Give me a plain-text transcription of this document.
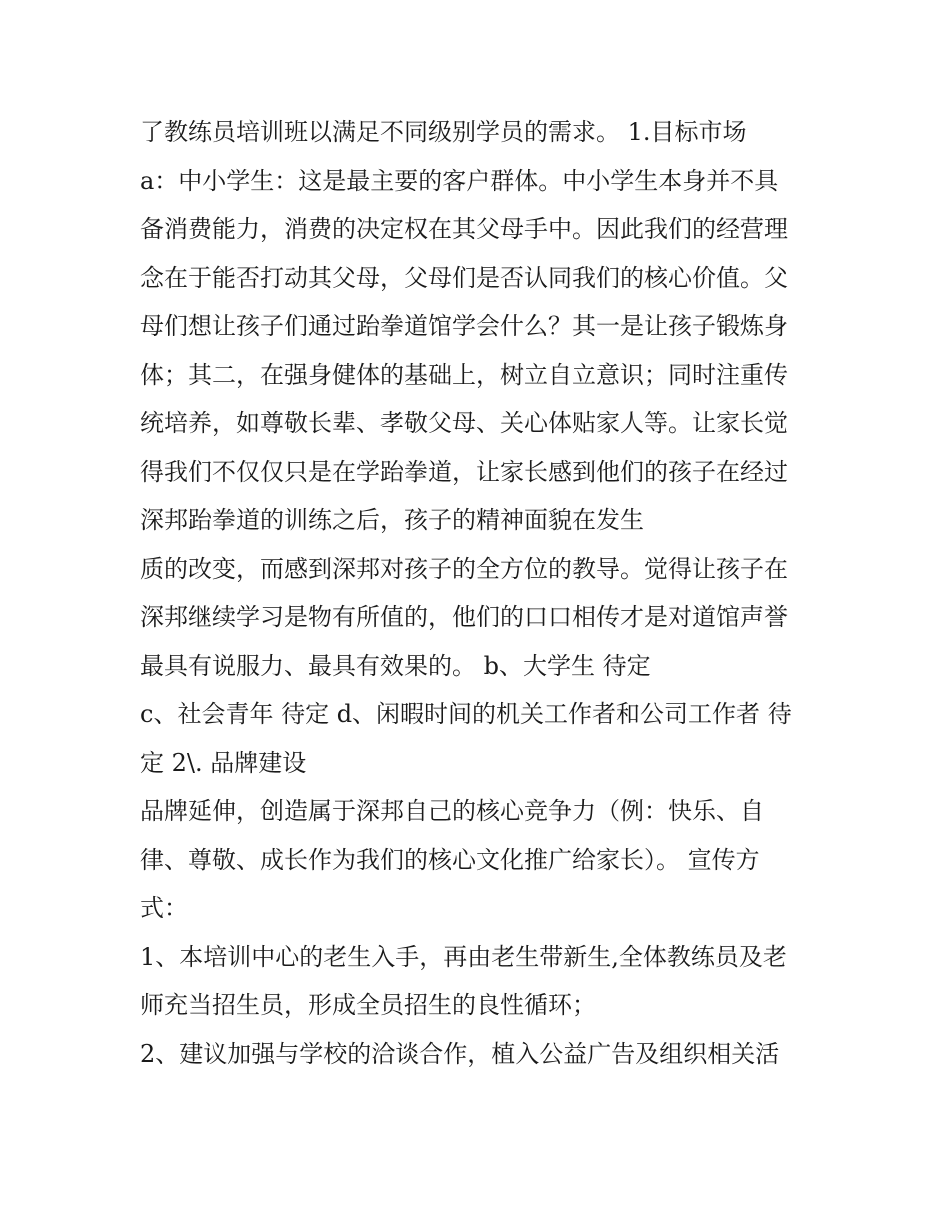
了教练员培训班以满足不同级别学员的需求。 1.目标市场
a：中小学生：这是最主要的客户群体。中小学生本身并不具
备消费能力，消费的决定权在其父母手中。因此我们的经营理
念在于能否打动其父母，父母们是否认同我们的核心价值。父
母们想让孩子们通过跆拳道馆学会什么？其一是让孩子锻炼身
体；其二，在强身健体的基础上，树立自立意识；同时注重传
统培养，如尊敬长辈、孝敬父母、关心体贴家人等。让家长觉
得我们不仅仅只是在学跆拳道，让家长感到他们的孩子在经过
深邦跆拳道的训练之后，孩子的精神面貌在发生
质的改变，而感到深邦对孩子的全方位的教导。觉得让孩子在
深邦继续学习是物有所值的，他们的口口相传才是对道馆声誉
最具有说服力、最具有效果的。 b、大学生 待定
c、社会青年 待定 d、闲暇时间的机关工作者和公司工作者 待
定 2\. 品牌建设
品牌延伸，创造属于深邦自己的核心竞争力（例：快乐、自
律、尊敬、成长作为我们的核心文化推广给家长）。 宣传方
式：
1、本培训中心的老生入手，再由老生带新生,全体教练员及老
师充当招生员，形成全员招生的良性循环；
2、建议加强与学校的洽谈合作，植入公益广告及组织相关活
